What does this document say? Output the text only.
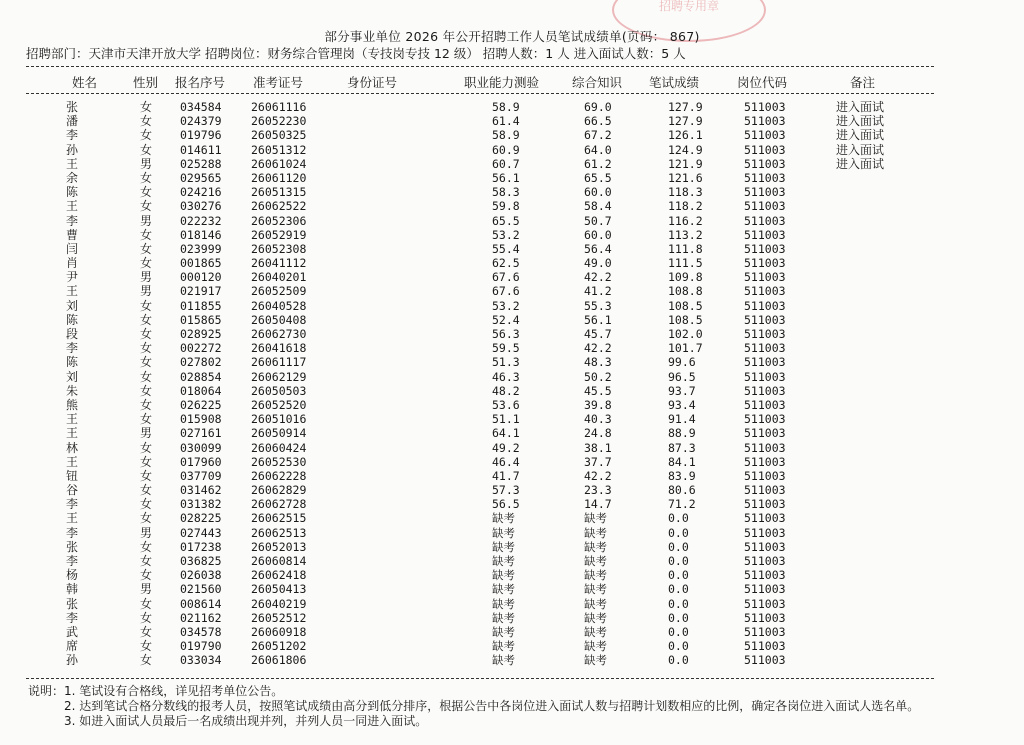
招聘专用章
部分事业单位 2026 年公开招聘工作人员笔试成绩单(页码： 867)
招聘部门：天津市天津开放大学 招聘岗位：财务综合管理岗（专技岗专技 12 级） 招聘人数：1 人 进入面试人数：5 人
姓名	性别 报名序号 准考证号	身份证号	职业能力测验	综合知识 笔试成绩	岗位代码	备注
张	女 034584	26061116	58.9	69.0	127.9	511003	进入面试
潘	女 024379	26052230	61.4	66.5	127.9	511003	进入面试
李	女 019796	26050325	58.9	67.2	126.1	511003	进入面试
孙	女 014611	26051312	60.9	64.0	124.9	511003	进入面试
王	男 025288	26061024	60.7	61.2	121.9	511003	进入面试
余	女 029565	26061120	56.1	65.5	121.6	511003
陈	女 024216	26051315	58.3	60.0	118.3	511003
王	女 030276	26062522	59.8	58.4	118.2	511003
李	男 022232	26052306	65.5	50.7	116.2	511003
曹	女 018146	26052919	53.2	60.0	113.2	511003
闫	女 023999	26052308	55.4	56.4	111.8	511003
肖	女 001865	26041112	62.5	49.0	111.5	511003
尹	男 000120	26040201	67.6	42.2	109.8	511003
王	男 021917	26052509	67.6	41.2	108.8	511003
刘	女 011855	26040528	53.2	55.3	108.5	511003
陈	女 015865	26050408	52.4	56.1	108.5	511003
段	女 028925	26062730	56.3	45.7	102.0	511003
李	女 002272	26041618	59.5	42.2	101.7	511003
陈	女 027802	26061117	51.3	48.3	99.6	511003
刘	女 028854	26062129	46.3	50.2	96.5	511003
朱	女 018064	26050503	48.2	45.5	93.7	511003
熊	女 026225	26052520	53.6	39.8	93.4	511003
王	女 015908	26051016	51.1	40.3	91.4	511003
王	男 027161	26050914	64.1	24.8	88.9	511003
林	女 030099	26060424	49.2	38.1	87.3	511003
王	女 017960	26052530	46.4	37.7	84.1	511003
钮	女 037709	26062228	41.7	42.2	83.9	511003
谷	女 031462	26062829	57.3	23.3	80.6	511003
李	女 031382	26062728	56.5	14.7	71.2	511003
王	女 028225	26062515	缺考	缺考	0.0	511003
李	男 027443	26062513	缺考	缺考	0.0	511003
张	女 017238	26052013	缺考	缺考	0.0	511003
李	女 036825	26060814	缺考	缺考	0.0	511003
杨	女 026038	26062418	缺考	缺考	0.0	511003
韩	男 021560	26050413	缺考	缺考	0.0	511003
张	女 008614	26040219	缺考	缺考	0.0	511003
李	女 021162	26052512	缺考	缺考	0.0	511003
武	女 034578	26060918	缺考	缺考	0.0	511003
席	女 019790	26051202	缺考	缺考	0.0	511003
孙	女 033034	26061806	缺考	缺考	0.0	511003
说明：1. 笔试设有合格线，详见招考单位公告。
2. 达到笔试合格分数线的报考人员，按照笔试成绩由高分到低分排序，根据公告中各岗位进入面试人数与招聘计划数相应的比例，确定各岗位进入面试人选名单。
3. 如进入面试人员最后一名成绩出现并列，并列人员一同进入面试。
